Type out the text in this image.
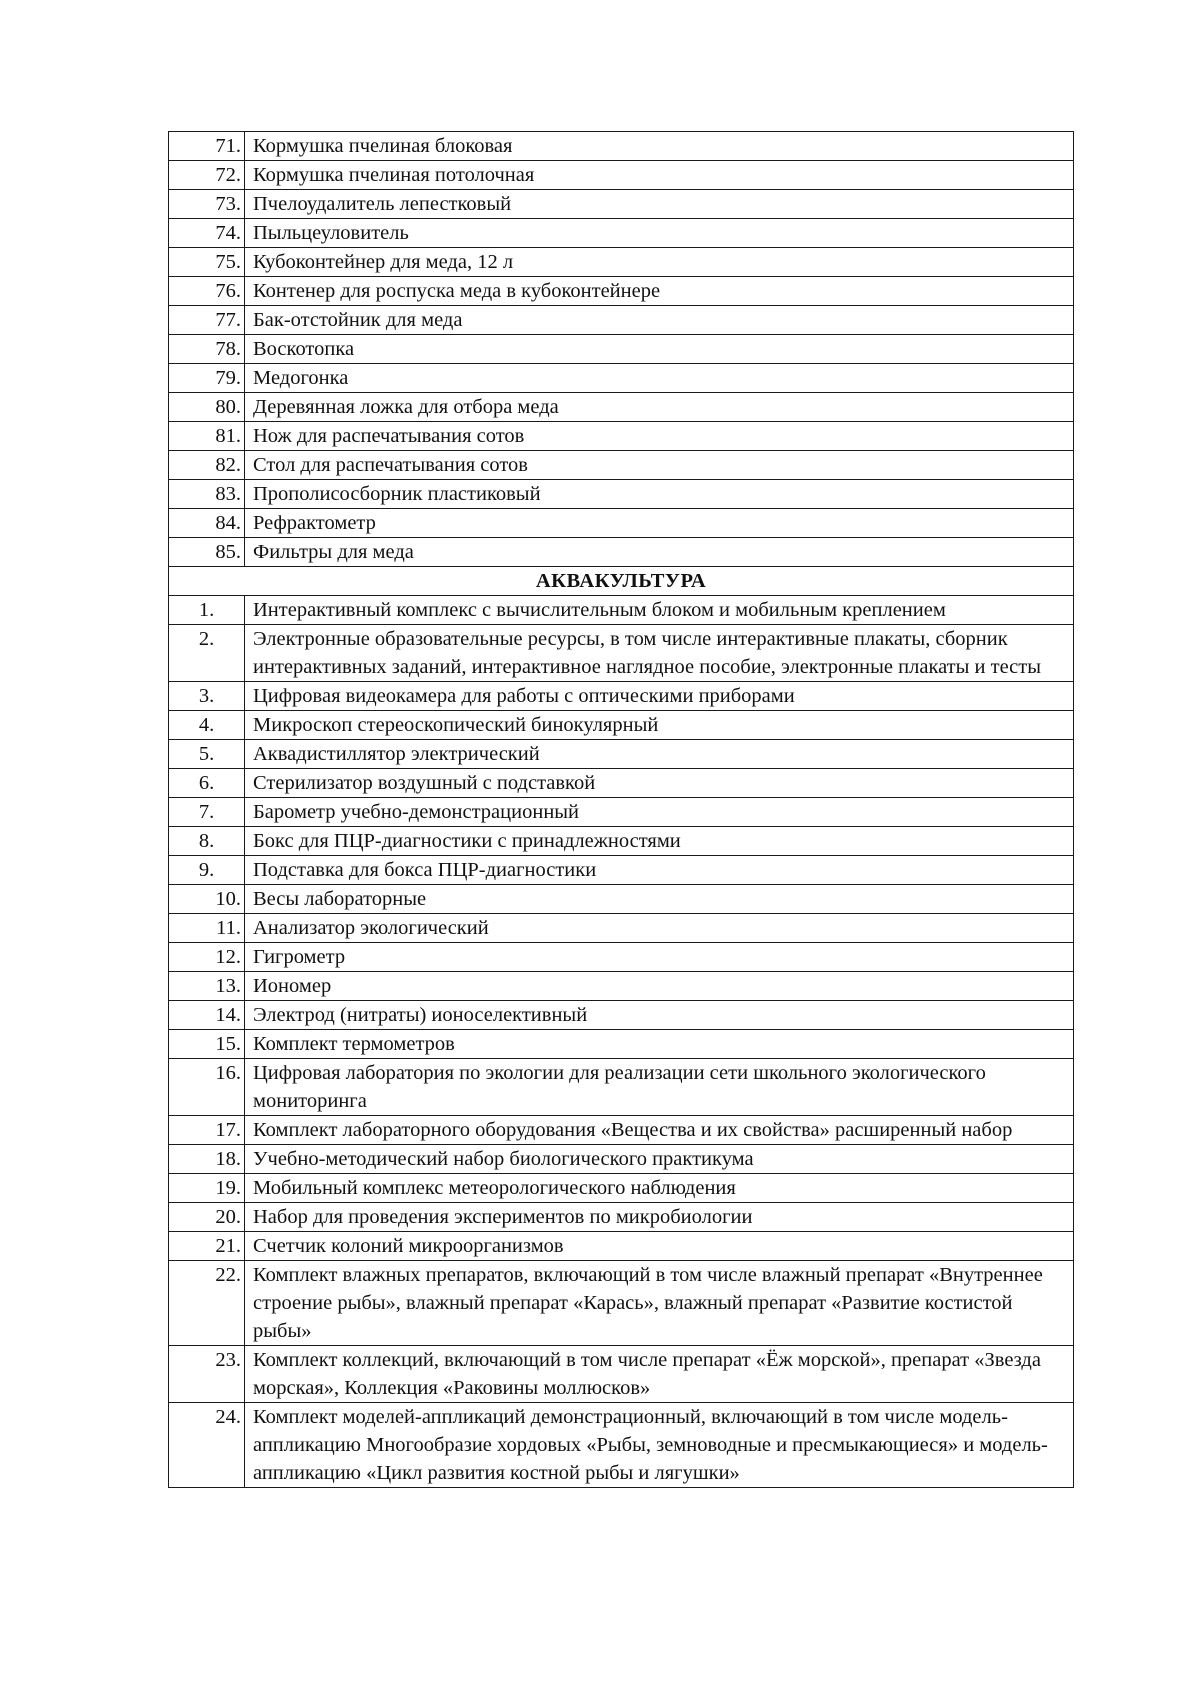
71.	Кормушка пчелиная блоковая
72.	Кормушка пчелиная потолочная
73.	Пчелоудалитель лепестковый
74.	Пыльцеуловитель
75.	Кубоконтейнер для меда, 12 л
76.	Контенер для роспуска меда в кубоконтейнере
77.	Бак-отстойник для меда
78.	Воскотопка
79.	Медогонка
80.	Деревянная ложка для отбора меда
81.	Нож для распечатывания сотов
82.	Стол для распечатывания сотов
83.	Прополисосборник пластиковый
84.	Рефрактометр
85.	Фильтры для меда
АКВАКУЛЬТУРА	
1.	Интерактивный комплекс с вычислительным блоком и мобильным креплением
2.	Электронные образовательные ресурсы, в том числе интерактивные плакаты, сборник интерактивных заданий, интерактивное наглядное пособие, электронные плакаты и тесты
3.	Цифровая видеокамера для работы с оптическими приборами
4.	Микроскоп стереоскопический бинокулярный
5.	Аквадистиллятор электрический
6.	Стерилизатор воздушный с подставкой
7.	Барометр учебно-демонстрационный
8.	Бокс для ПЦР-диагностики с принадлежностями
9.	Подставка для бокса ПЦР-диагностики
10.	Весы лабораторные
11.	Анализатор экологический
12.	Гигрометр
13.	Иономер
14.	Электрод (нитраты) ионоселективный
15.	Комплект термометров
16.	Цифровая лаборатория по экологии для реализации сети школьного экологического мониторинга
17.	Комплект лабораторного оборудования «Вещества и их свойства» расширенный набор
18.	Учебно-методический набор биологического практикума
19.	Мобильный комплекс метеорологического наблюдения
20.	Набор для проведения экспериментов по микробиологии
21.	Счетчик колоний микроорганизмов
22.	Комплект влажных препаратов, включающий в том числе влажный препарат «Внутреннее строение рыбы», влажный препарат «Карась», влажный препарат «Развитие костистой рыбы»
23.	Комплект коллекций, включающий в том числе препарат «Ёж морской», препарат «Звезда морская», Коллекция «Раковины моллюсков»
24.	Комплект моделей-аппликаций демонстрационный, включающий в том числе модель-аппликацию Многообразие хордовых «Рыбы, земноводные и пресмыкающиеся» и модель-аппликацию «Цикл развития костной рыбы и лягушки»
